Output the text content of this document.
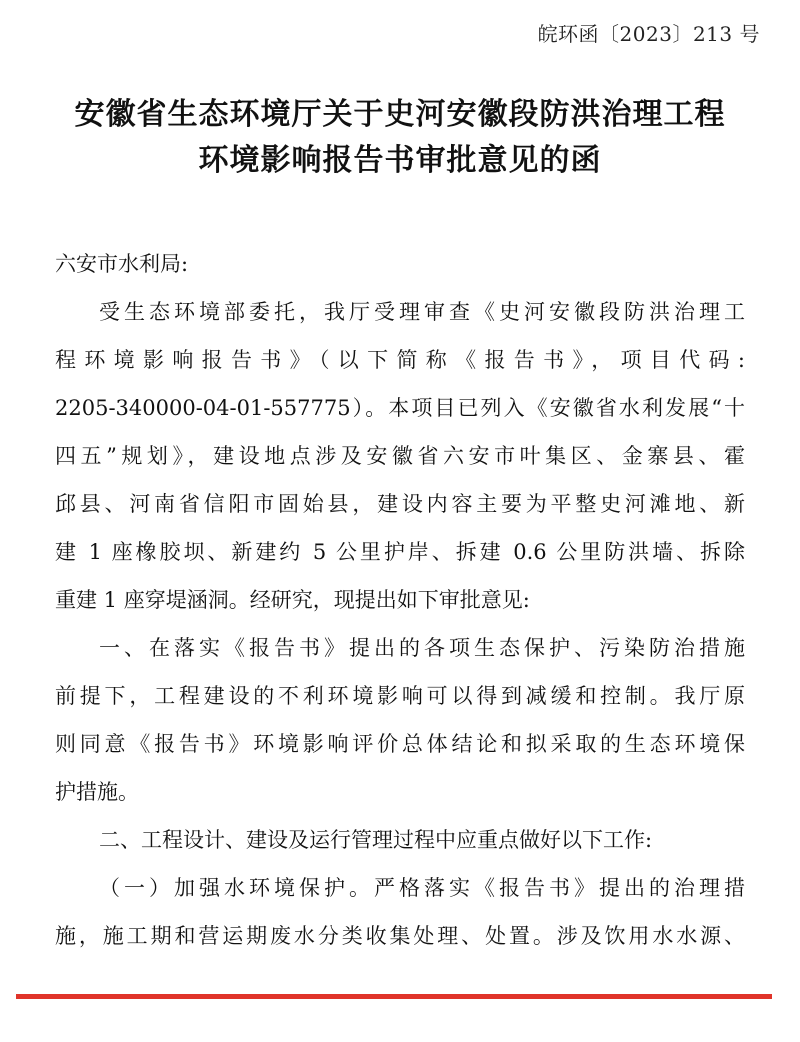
皖环函〔2023〕213 号
安徽省生态环境厅关于史河安徽段防洪治理工程
环境影响报告书审批意见的函
六安市水利局:
受生态环境部委托，我厅受理审查《史河安徽段防洪治理工
程环境影响报告书》（以下简称《报告书》，项目代码:
2205-340000-04-01-557775）。本项目已列入《安徽省水利发展“十
四五”规划》，建设地点涉及安徽省六安市叶集区、金寨县、霍
邱县、河南省信阳市固始县，建设内容主要为平整史河滩地、新
建 1 座橡胶坝、新建约 5 公里护岸、拆建 0.6 公里防洪墙、拆除
重建 1 座穿堤涵洞。经研究，现提出如下审批意见:
一、在落实《报告书》提出的各项生态保护、污染防治措施
前提下，工程建设的不利环境影响可以得到减缓和控制。我厅原
则同意《报告书》环境影响评价总体结论和拟采取的生态环境保
护措施。
二、工程设计、建设及运行管理过程中应重点做好以下工作:
（一）加强水环境保护。严格落实《报告书》提出的治理措
施，施工期和营运期废水分类收集处理、处置。涉及饮用水水源、
